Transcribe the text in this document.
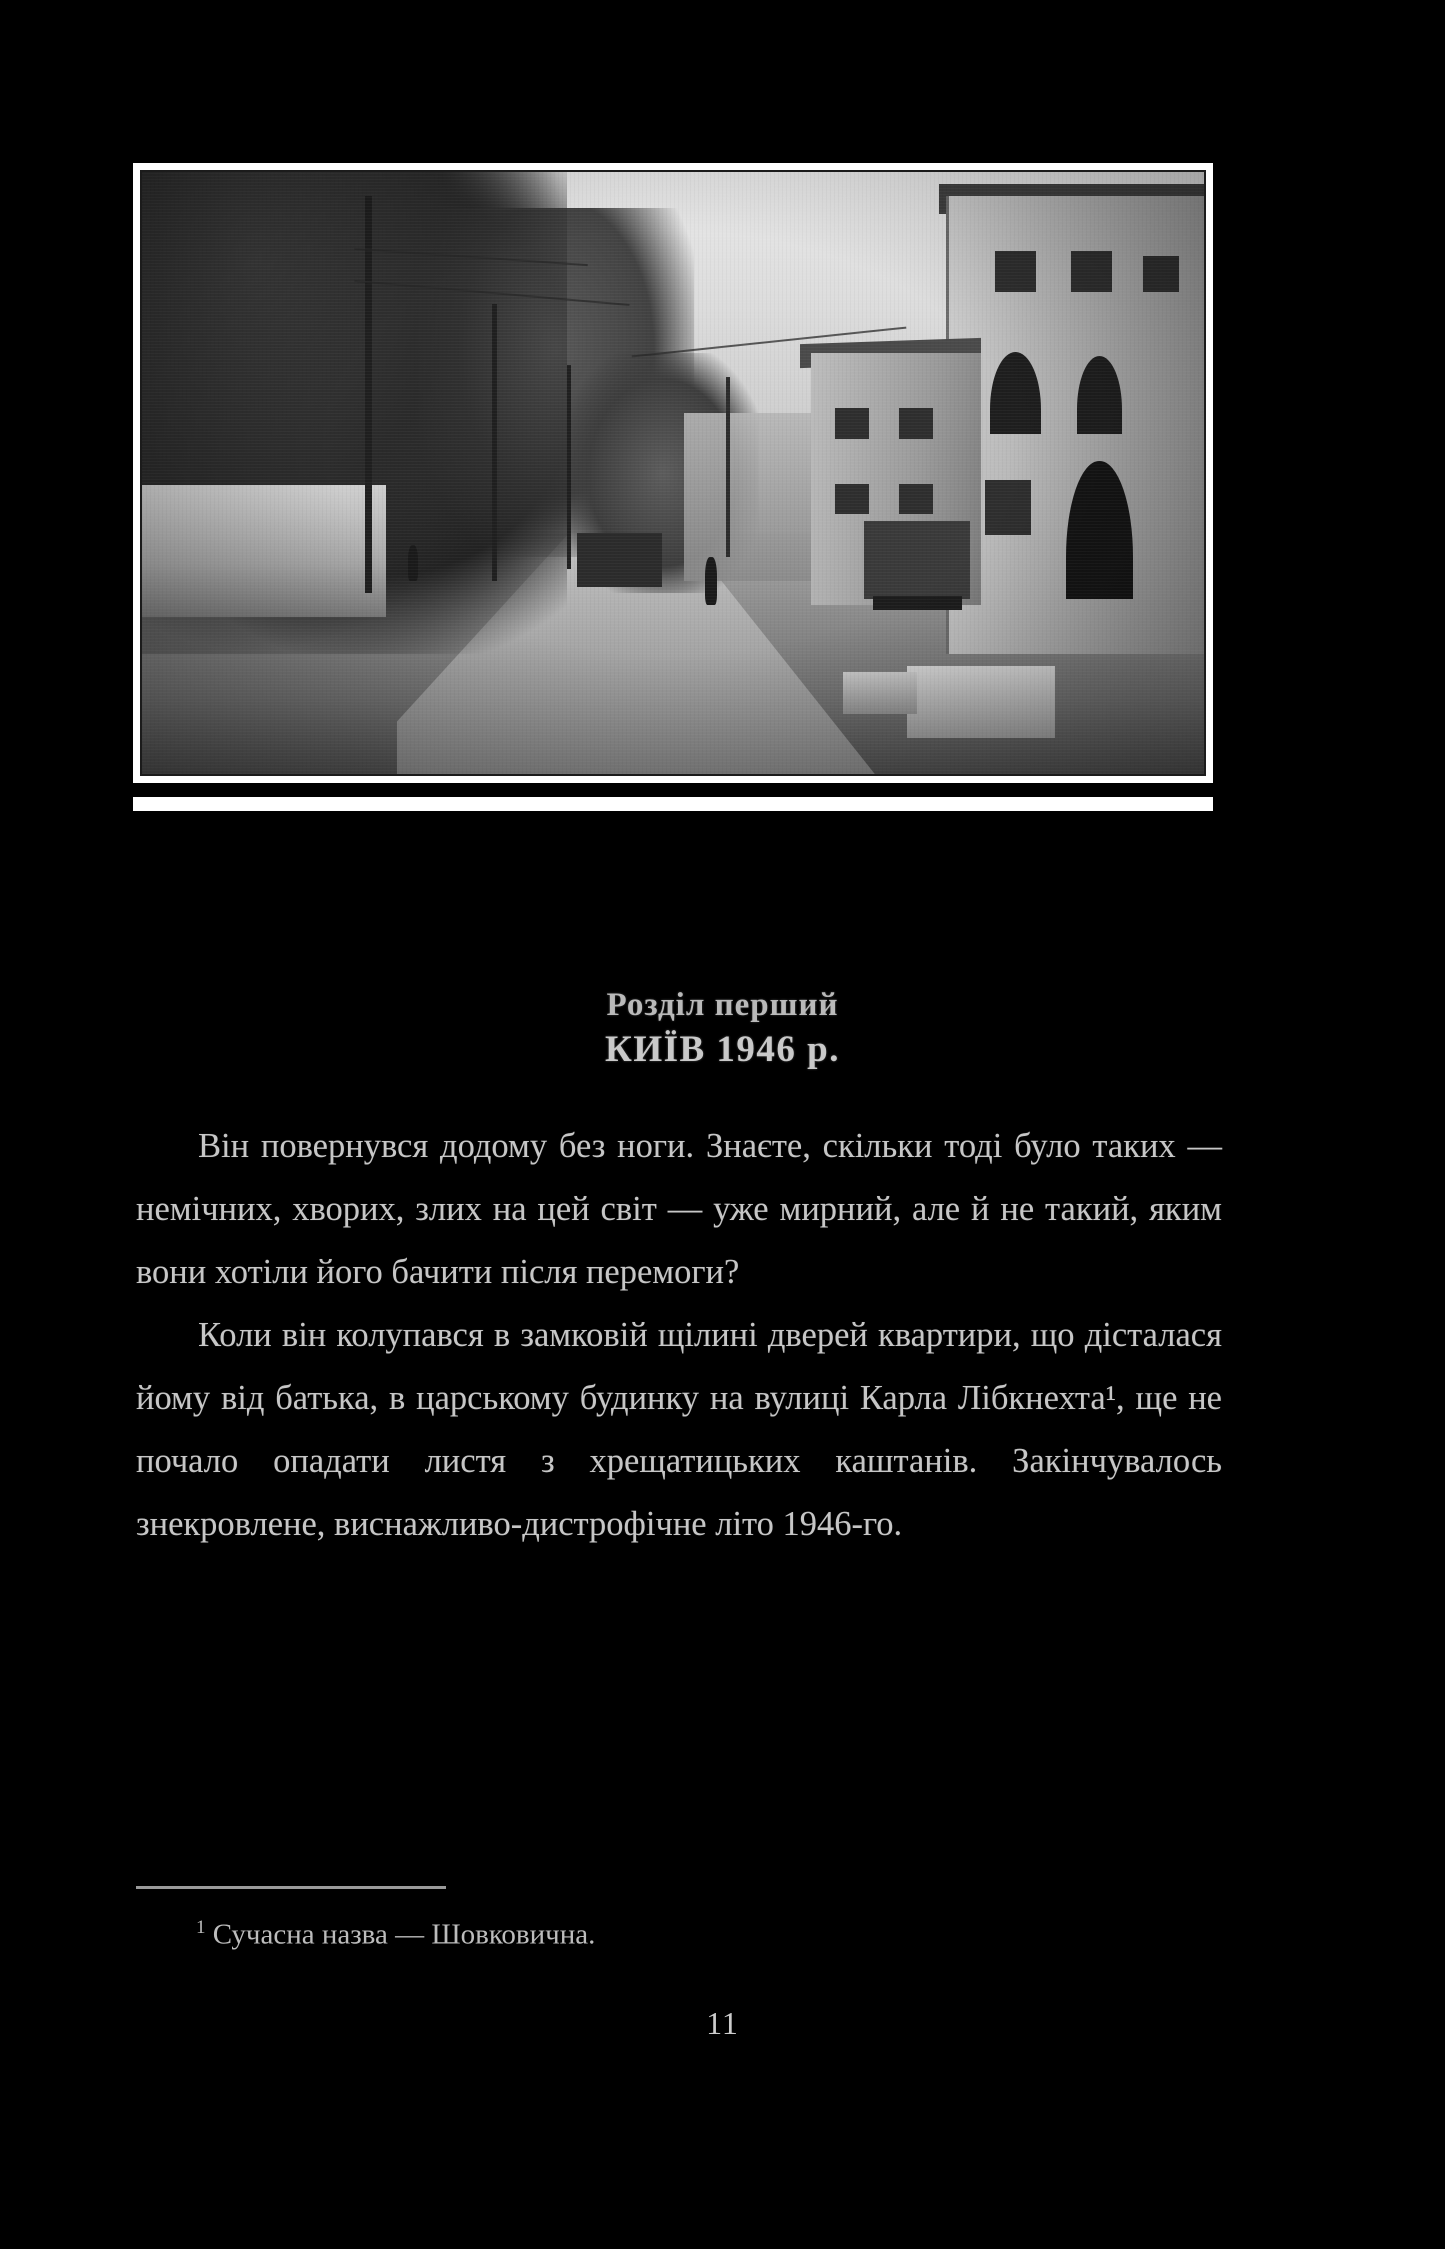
Розділ перший
КИЇВ 1946 р.

Він повернувся додому без ноги. Знаєте, скільки тоді було таких — немічних, хворих, злих на цей світ — уже мирний, але й не такий, яким вони хотіли його бачити після перемоги?

Коли він колупався в замковій щілині дверей квартири, що дісталася йому від батька, в царському будинку на вулиці Карла Лібкнехта¹, ще не почало опадати листя з хрещатицьких каштанів. Закінчувалось знекровлене, виснажливо-дистрофічне літо 1946-го.

$^1$ Сучасна назва — Шовковична.
11
